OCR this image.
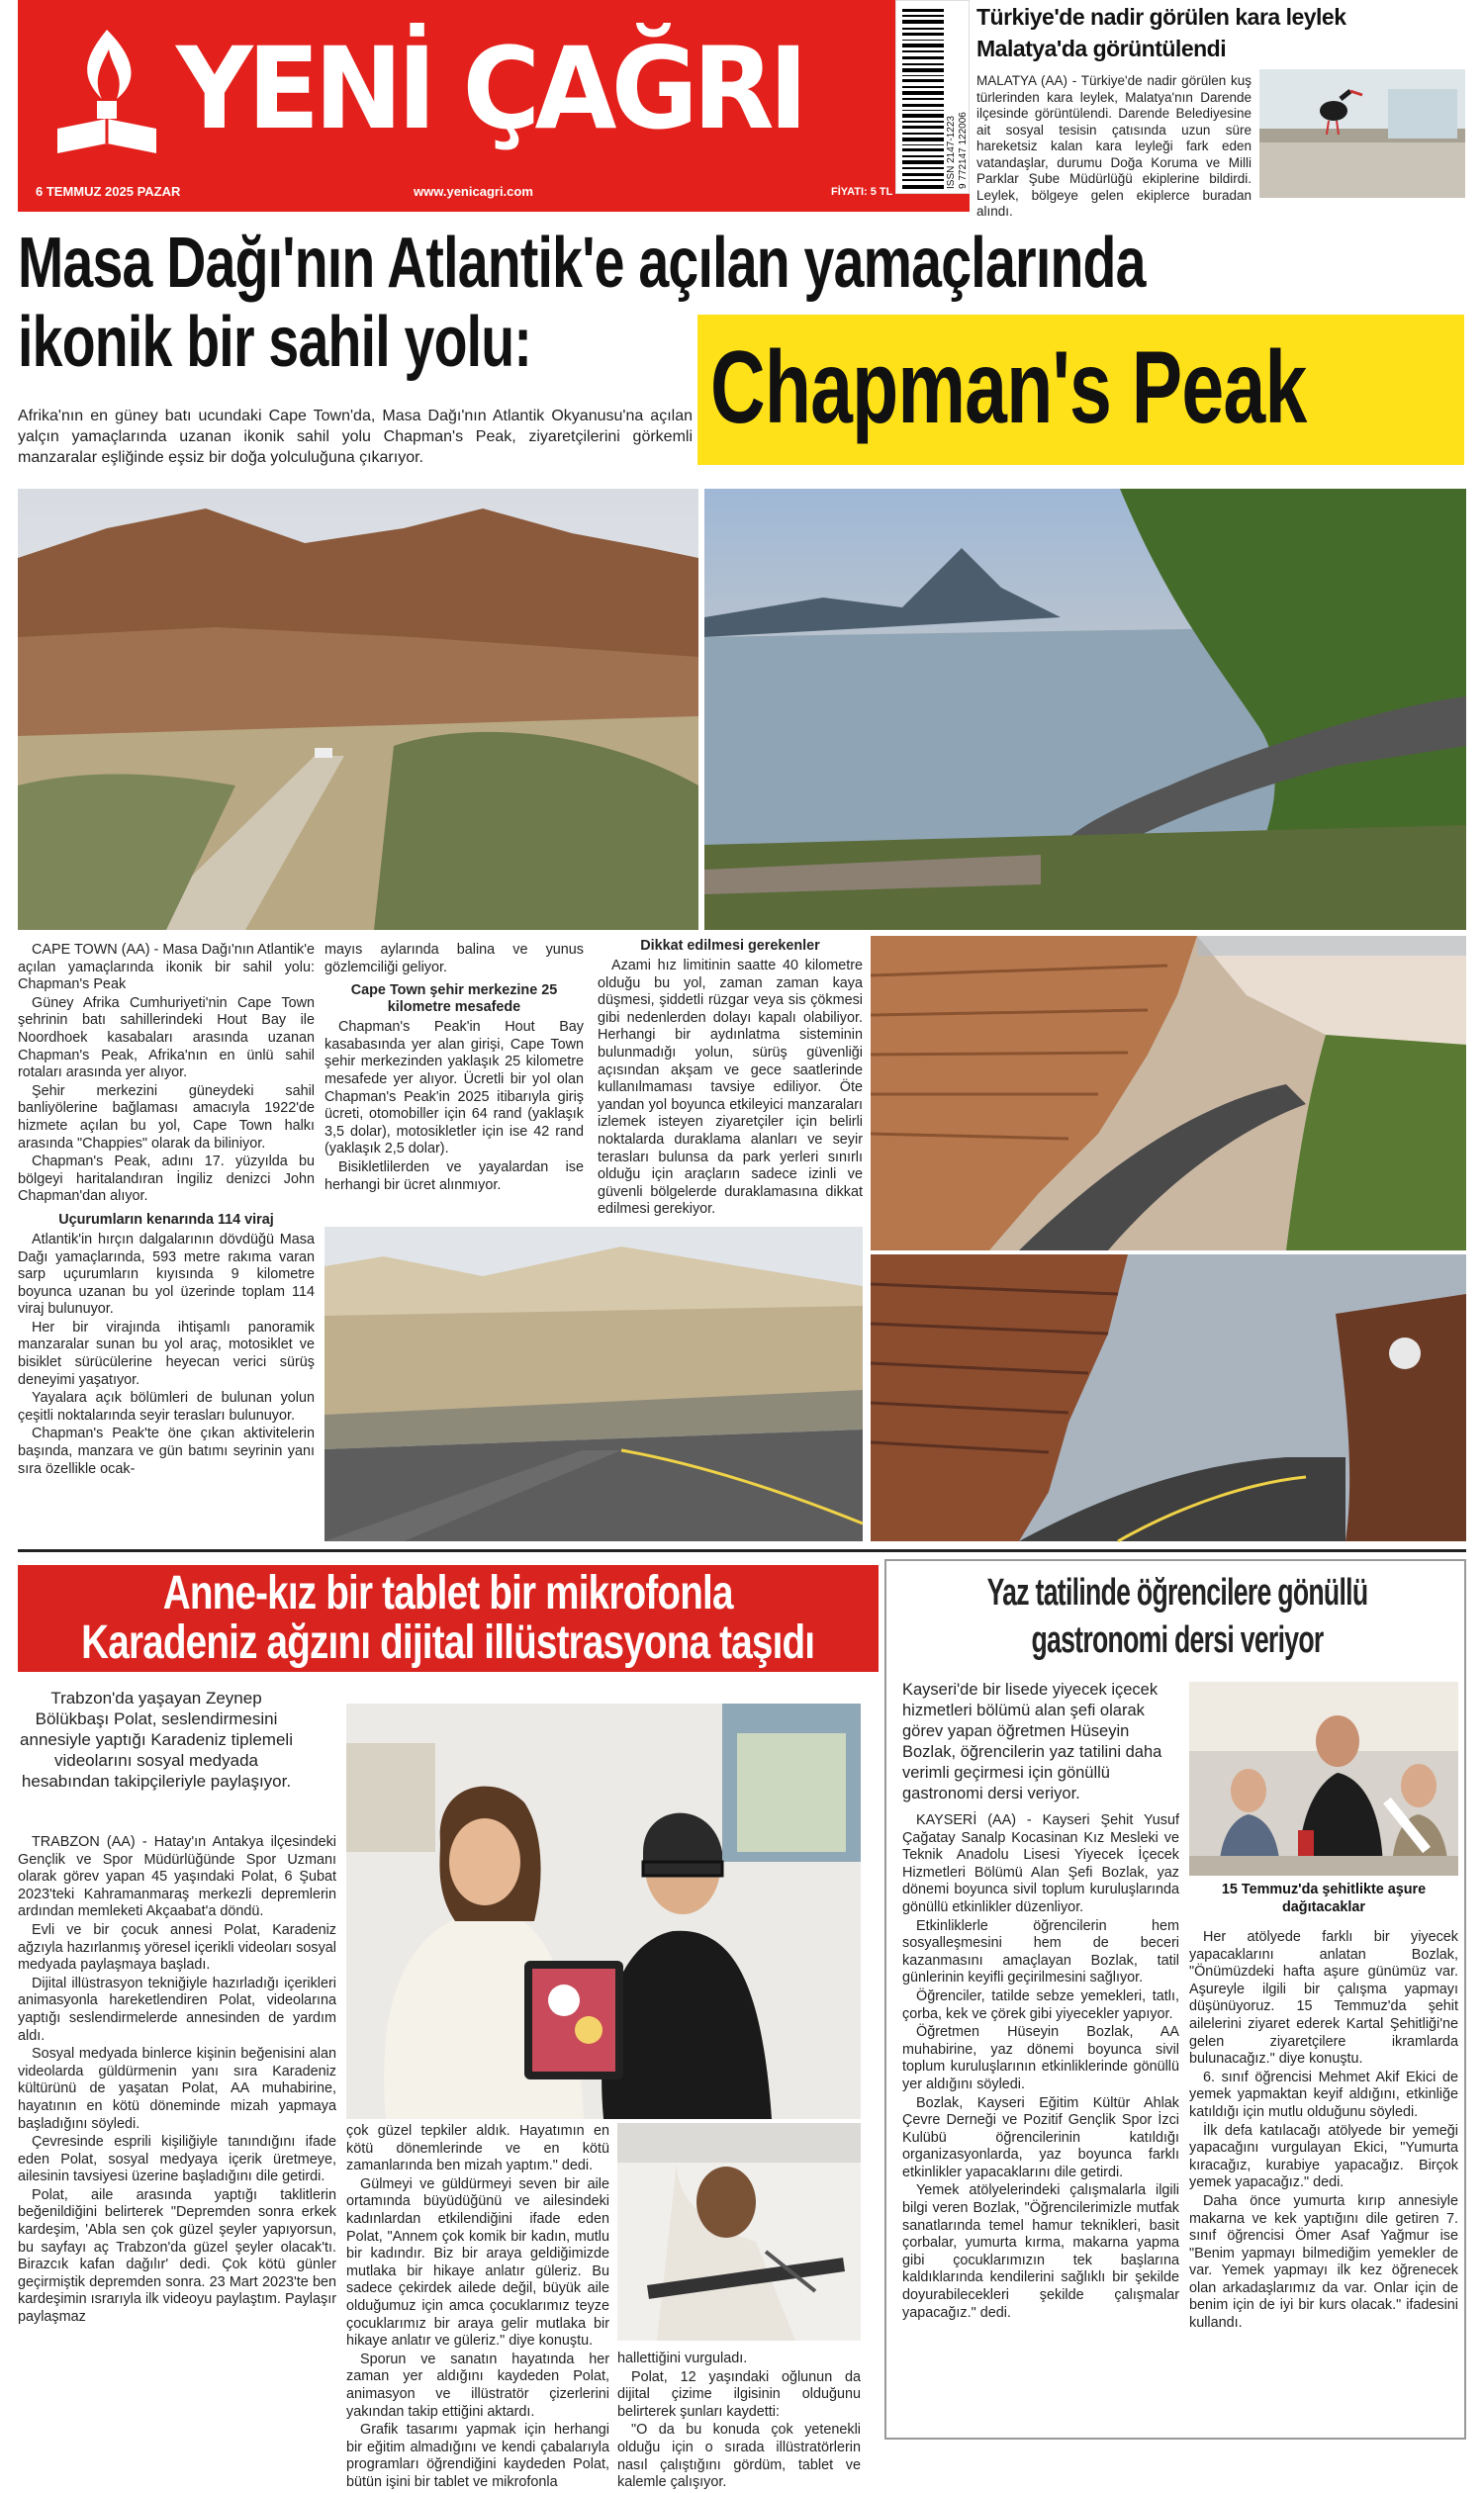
YENİ ÇAĞRI
6 TEMMUZ 2025 PAZAR	www.yenicagri.com	FİYATI: 5 TL
ISSN 2147-1223 9 772147 122006
Türkiye'de nadir görülen kara leylek
Malatya'da görüntülendi
MALATYA (AA) - Türkiye'de nadir görülen kuş türlerinden kara leylek, Malatya'nın Darende ilçesinde görüntülendi. Darende Belediyesine ait sosyal tesisin çatısında uzun süre hareketsiz kalan kara leyleği fark eden vatandaşlar, durumu Doğa Koruma ve Milli Parklar Şube Müdürlüğü ekiplerine bildirdi. Leylek, bölgeye gelen ekiplerce buradan alındı.
Masa Dağı'nın Atlantik'e açılan yamaçlarında
ikonik bir sahil yolu: Chapman's Peak
Afrika'nın en güney batı ucundaki Cape Town'da, Masa Dağı'nın Atlantik Okyanusu'na açılan yalçın yamaçlarında uzanan ikonik sahil yolu Chapman's Peak, ziyaretçilerini görkemli manzaralar eşliğinde eşsiz bir doğa yolculuğuna çıkarıyor.

CAPE TOWN (AA) - Masa Dağı'nın Atlantik'e açılan yamaçlarında ikonik bir sahil yolu: Chapman's Peak

Güney Afrika Cumhuriyeti'nin Cape Town şehrinin batı sahillerindeki Hout Bay ile Noordhoek kasabaları arasında uzanan Chapman's Peak, Afrika'nın en ünlü sahil rotaları arasında yer alıyor.

Şehir merkezini güneydeki sahil banliyölerine bağlaması amacıyla 1922'de hizmete açılan bu yol, Cape Town halkı arasında "Chappies" olarak da biliniyor.

Chapman's Peak, adını 17. yüzyılda bu bölgeyi haritalandıran İngiliz denizci John Chapman'dan alıyor.

Uçurumların kenarında 114 viraj

Atlantik'in hırçın dalgalarının dövdüğü Masa Dağı yamaçlarında, 593 metre rakıma varan sarp uçurumların kıyısında 9 kilometre boyunca uzanan bu yol üzerinde toplam 114 viraj bulunuyor.

Her bir virajında ihtişamlı panoramik manzaralar sunan bu yol araç, motosiklet ve bisiklet sürücülerine heyecan verici sürüş deneyimi yaşatıyor.

Yayalara açık bölümleri de bulunan yolun çeşitli noktalarında seyir terasları bulunuyor.

Chapman's Peak'te öne çıkan aktivitelerin başında, manzara ve gün batımı seyrinin yanı sıra özellikle ocak-

mayıs aylarında balina ve yunus gözlemciliği geliyor.

Cape Town şehir merkezine 25 kilometre mesafede

Chapman's Peak'in Hout Bay kasabasında yer alan girişi, Cape Town şehir merkezinden yaklaşık 25 kilometre mesafede yer alıyor. Ücretli bir yol olan Chapman's Peak'in 2025 itibarıyla giriş ücreti, otomobiller için 64 rand (yaklaşık 3,5 dolar), motosikletler için ise 42 rand (yaklaşık 2,5 dolar).

Bisikletlilerden ve yayalardan ise herhangi bir ücret alınmıyor.

Dikkat edilmesi gerekenler

Azami hız limitinin saatte 40 kilometre olduğu bu yol, zaman zaman kaya düşmesi, şiddetli rüzgar veya sis çökmesi gibi nedenlerden dolayı kapalı olabiliyor. Herhangi bir aydınlatma sisteminin bulunmadığı yolun, sürüş güvenliği açısından akşam ve gece saatlerinde kullanılmaması tavsiye ediliyor. Öte yandan yol boyunca etkileyici manzaraları izlemek isteyen ziyaretçiler için belirli noktalarda duraklama alanları ve seyir terasları bulunsa da park yerleri sınırlı olduğu için araçların sadece izinli ve güvenli bölgelerde duraklamasına dikkat edilmesi gerekiyor.

Anne-kız bir tablet bir mikrofonla
Karadeniz ağzını dijital illüstrasyona taşıdı
Trabzon'da yaşayan Zeynep Bölükbaşı Polat, seslendirmesini annesiyle yaptığı Karadeniz tiplemeli videolarını sosyal medyada hesabından takipçileriyle paylaşıyor.

TRABZON (AA) - Hatay'ın Antakya ilçesindeki Gençlik ve Spor Müdürlüğünde Spor Uzmanı olarak görev yapan 45 yaşındaki Polat, 6 Şubat 2023'teki Kahramanmaraş merkezli depremlerin ardından memleketi Akçaabat'a döndü.

Evli ve bir çocuk annesi Polat, Karadeniz ağzıyla hazırlanmış yöresel içerikli videoları sosyal medyada paylaşmaya başladı.

Dijital illüstrasyon tekniğiyle hazırladığı içerikleri animasyonla hareketlendiren Polat, videolarına yaptığı seslendirmelerde annesinden de yardım aldı.

Sosyal medyada binlerce kişinin beğenisini alan videolarda güldürmenin yanı sıra Karadeniz kültürünü de yaşatan Polat, AA muhabirine, hayatının en kötü döneminde mizah yapmaya başladığını söyledi.

Çevresinde esprili kişiliğiyle tanındığını ifade eden Polat, sosyal medyaya içerik üretmeye, ailesinin tavsiyesi üzerine başladığını dile getirdi.

Polat, aile arasında yaptığı taklitlerin beğenildiğini belirterek "Depremden sonra erkek kardeşim, 'Abla sen çok güzel şeyler yapıyorsun, bu sayfayı aç Trabzon'da güzel şeyler olacak'tı. Birazcık kafan dağılır' dedi. Çok kötü günler geçirmiştik depremden sonra. 23 Mart 2023'te ben kardeşimin ısrarıyla ilk videoyu paylaştım. Paylaşır paylaşmaz

çok güzel tepkiler aldık. Hayatımın en kötü dönemlerinde ve en kötü zamanlarında ben mizah yaptım." dedi.

Gülmeyi ve güldürmeyi seven bir aile ortamında büyüdüğünü ve ailesindeki kadınlardan etkilendiğini ifade eden Polat, "Annem çok komik bir kadın, mutlu bir kadındır. Biz bir araya geldiğimizde mutlaka bir hikaye anlatır güleriz. Bu sadece çekirdek ailede değil, büyük aile olduğumuz için amca çocuklarımız teyze çocuklarımız bir araya gelir mutlaka bir hikaye anlatır ve güleriz." diye konuştu.

Sporun ve sanatın hayatında her zaman yer aldığını kaydeden Polat, animasyon ve illüstratör çizerlerini yakından takip ettiğini aktardı.

Grafik tasarımı yapmak için herhangi bir eğitim almadığını ve kendi çabalarıyla programları öğrendiğini kaydeden Polat, bütün işini bir tablet ve mikrofonla

hallettiğini vurguladı.

Polat, 12 yaşındaki oğlunun da dijital çizime ilgisinin olduğunu belirterek şunları kaydetti:

"O da bu konuda çok yetenekli olduğu için o sırada illüstratörlerin nasıl çalıştığını gördüm, tablet ve kalemle çalışıyor.

Yaz tatilinde öğrencilere gönüllü
gastronomi dersi veriyor
Kayseri'de bir lisede yiyecek içecek hizmetleri bölümü alan şefi olarak görev yapan öğretmen Hüseyin Bozlak, öğrencilerin yaz tatilini daha verimli geçirmesi için gönüllü gastronomi dersi veriyor.
15 Temmuz'da şehitlikte aşure
dağıtacaklar

KAYSERİ (AA) - Kayseri Şehit Yusuf Çağatay Sanalp Kocasinan Kız Mesleki ve Teknik Anadolu Lisesi Yiyecek İçecek Hizmetleri Bölümü Alan Şefi Bozlak, yaz dönemi boyunca sivil toplum kuruluşlarında gönüllü etkinlikler düzenliyor.

Etkinliklerle öğrencilerin hem sosyalleşmesini hem de beceri kazanmasını amaçlayan Bozlak, tatil günlerinin keyifli geçirilmesini sağlıyor.

Öğrenciler, tatilde sebze yemekleri, tatlı, çorba, kek ve çörek gibi yiyecekler yapıyor.

Öğretmen Hüseyin Bozlak, AA muhabirine, yaz dönemi boyunca sivil toplum kuruluşlarının etkinliklerinde gönüllü yer aldığını söyledi.

Bozlak, Kayseri Eğitim Kültür Ahlak Çevre Derneği ve Pozitif Gençlik Spor İzci Kulübü öğrencilerinin katıldığı organizasyonlarda, yaz boyunca farklı etkinlikler yapacaklarını dile getirdi.

Yemek atölyelerindeki çalışmalarla ilgili bilgi veren Bozlak, "Öğrencilerimizle mutfak sanatlarında temel hamur teknikleri, basit çorbalar, yumurta kırma, makarna yapma gibi çocuklarımızın tek başlarına kaldıklarında kendilerini sağlıklı bir şekilde doyurabilecekleri şekilde çalışmalar yapacağız." dedi.

Her atölyede farklı bir yiyecek yapacaklarını anlatan Bozlak, "Önümüzdeki hafta aşure günümüz var. Aşureyle ilgili bir çalışma yapmayı düşünüyoruz. 15 Temmuz'da şehit ailelerini ziyaret ederek Kartal Şehitliği'ne gelen ziyaretçilere ikramlarda bulunacağız." diye konuştu.

6. sınıf öğrencisi Mehmet Akif Ekici de yemek yapmaktan keyif aldığını, etkinliğe katıldığı için mutlu olduğunu söyledi.

İlk defa katılacağı atölyede bir yemeği yapacağını vurgulayan Ekici, "Yumurta kıracağız, kurabiye yapacağız. Birçok yemek yapacağız." dedi.

Daha önce yumurta kırıp annesiyle makarna ve kek yaptığını dile getiren 7. sınıf öğrencisi Ömer Asaf Yağmur ise "Benim yapmayı bilmediğim yemekler de var. Yemek yapmayı ilk kez öğrenecek olan arkadaşlarımız da var. Onlar için de benim için de iyi bir kurs olacak." ifadesini kullandı.
